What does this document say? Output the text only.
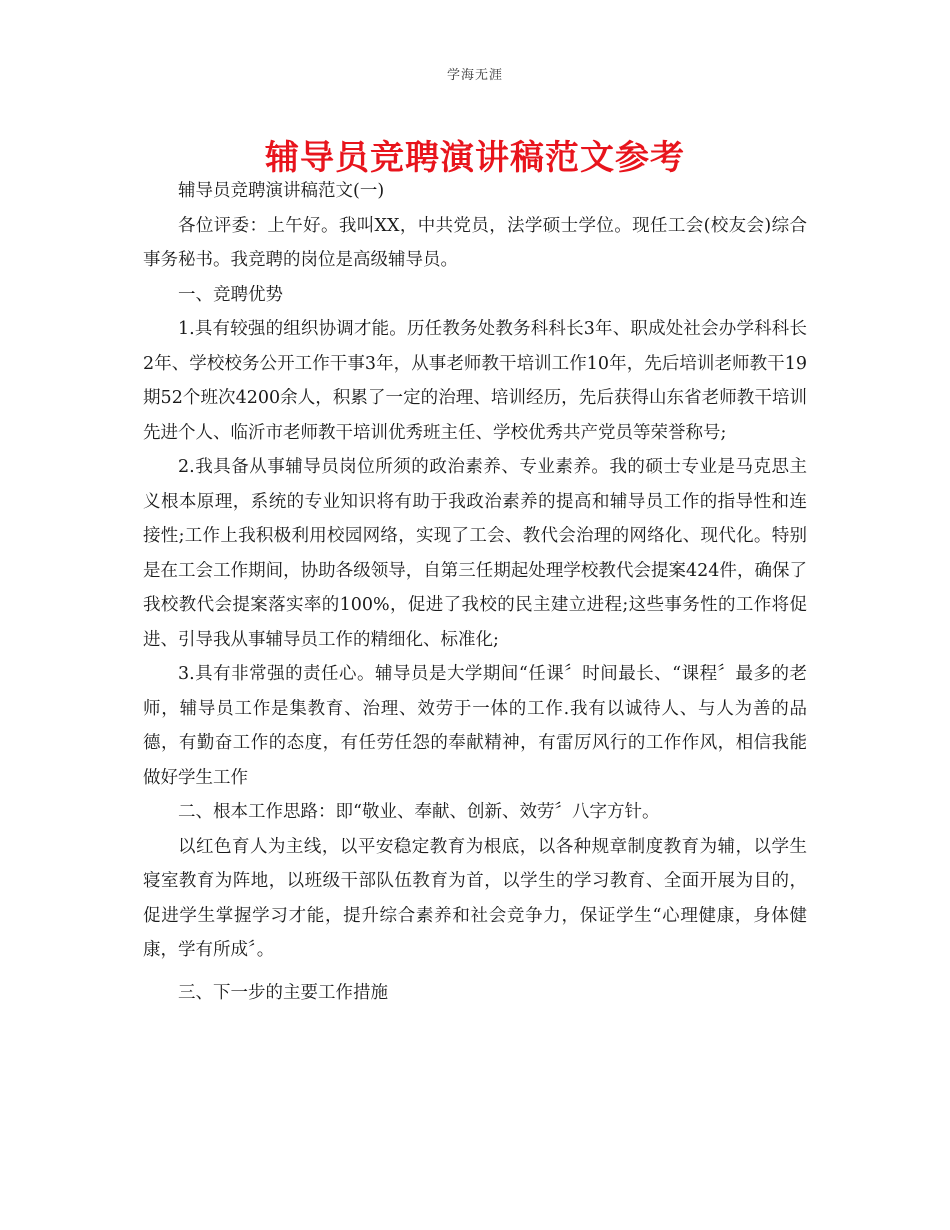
学海无涯
辅导员竞聘演讲稿范文参考

辅导员竞聘演讲稿范文(一)

各位评委：上午好。我叫XX，中共党员，法学硕士学位。现任工会(校友会)综合事务秘书。我竞聘的岗位是高级辅导员。

一、竞聘优势

1.具有较强的组织协调才能。历任教务处教务科科长3年、职成处社会办学科科长2年、学校校务公开工作干事3年，从事老师教干培训工作10年，先后培训老师教干19期52个班次4200余人，积累了一定的治理、培训经历，先后获得山东省老师教干培训先进个人、临沂市老师教干培训优秀班主任、学校优秀共产党员等荣誉称号;

2.我具备从事辅导员岗位所须的政治素养、专业素养。我的硕士专业是马克思主义根本原理，系统的专业知识将有助于我政治素养的提高和辅导员工作的指导性和连接性;工作上我积极利用校园网络，实现了工会、教代会治理的网络化、现代化。特别是在工会工作期间，协助各级领导，自第三任期起处理学校教代会提案424件，确保了我校教代会提案落实率的100%，促进了我校的民主建立进程;这些事务性的工作将促进、引导我从事辅导员工作的精细化、标准化;

3.具有非常强的责任心。辅导员是大学期间“任课〞时间最长、“课程〞最多的老师，辅导员工作是集教育、治理、效劳于一体的工作.我有以诚待人、与人为善的品德，有勤奋工作的态度，有任劳任怨的奉献精神，有雷厉风行的工作作风，相信我能做好学生工作

二、根本工作思路：即“敬业、奉献、创新、效劳〞八字方针。

以红色育人为主线，以平安稳定教育为根底，以各种规章制度教育为辅，以学生寝室教育为阵地，以班级干部队伍教育为首，以学生的学习教育、全面开展为目的，促进学生掌握学习才能，提升综合素养和社会竞争力，保证学生“心理健康，身体健康，学有所成〞。

三、下一步的主要工作措施
